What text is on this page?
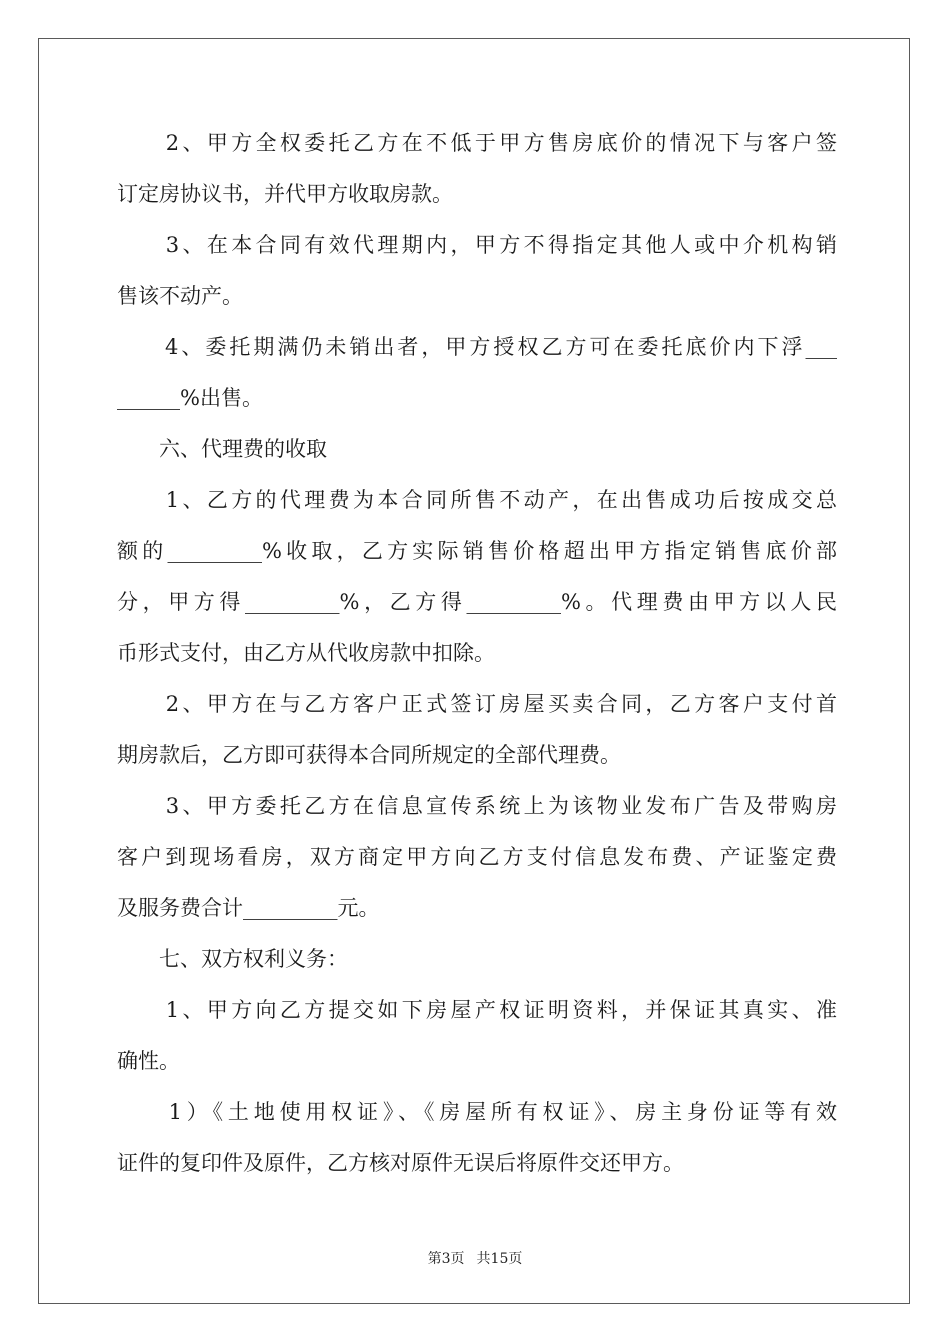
　　2、甲方全权委托乙方在不低于甲方售房底价的情况下与客户签
订定房协议书，并代甲方收取房款。
　　3、在本合同有效代理期内，甲方不得指定其他人或中介机构销
售该不动产。
　　4、委托期满仍未销出者，甲方授权乙方可在委托底价内下浮___
______%出售。
　　六、代理费的收取
　　1、乙方的代理费为本合同所售不动产，在出售成功后按成交总
额的_________%收取，乙方实际销售价格超出甲方指定销售底价部
分，甲方得_________%，乙方得_________%。代理费由甲方以人民
币形式支付，由乙方从代收房款中扣除。
　　2、甲方在与乙方客户正式签订房屋买卖合同，乙方客户支付首
期房款后，乙方即可获得本合同所规定的全部代理费。
　　3、甲方委托乙方在信息宣传系统上为该物业发布广告及带购房
客户到现场看房，双方商定甲方向乙方支付信息发布费、产证鉴定费
及服务费合计_________元。
　　七、双方权利义务：
　　1、甲方向乙方提交如下房屋产权证明资料，并保证其真实、准
确性。
　　1）《土地使用权证》、《房屋所有权证》、房主身份证等有效
证件的复印件及原件，乙方核对原件无误后将原件交还甲方。
第3页 共15页
